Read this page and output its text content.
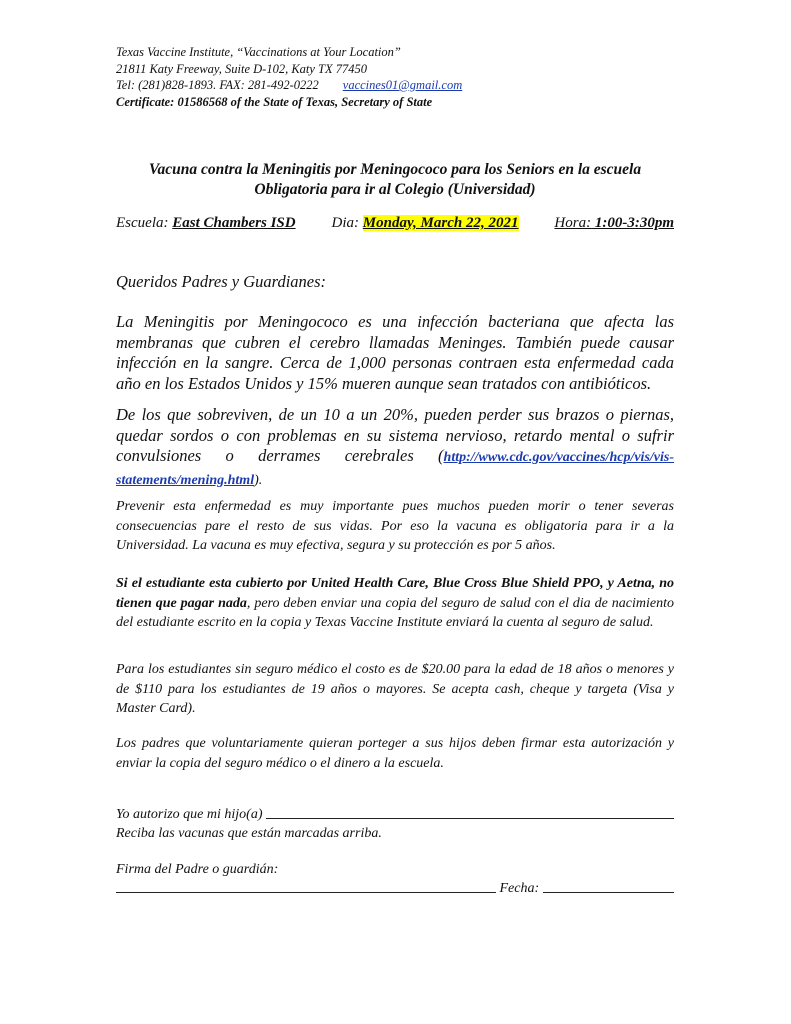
Texas Vaccine Institute, “Vaccinations at Your Location”
21811 Katy Freeway, Suite D-102, Katy TX 77450
Tel: (281)828-1893. FAX: 281-492-0222 vaccines01@gmail.com
Certificate: 01586568 of the State of Texas, Secretary of State
Vacuna contra la Meningitis por Meningococo para los Seniors en la escuela
Obligatoria para ir al Colegio (Universidad)
Escuela: East Chambers ISD Dia: Monday, March 22, 2021 Hora: 1:00-3:30pm
Queridos Padres y Guardianes:
La Meningitis por Meningococo es una infección bacteriana que afecta las membranas que cubren el cerebro llamadas Meninges. También puede causar infección en la sangre. Cerca de 1,000 personas contraen esta enfermedad cada año en los Estados Unidos y 15% mueren aunque sean tratados con antibióticos.
De los que sobreviven, de un 10 a un 20%, pueden perder sus brazos o piernas, quedar sordos o con problemas en su sistema nervioso, retardo mental o sufrir convulsiones o derrames cerebrales (http://www.cdc.gov/vaccines/hcp/vis/vis-statements/mening.html).
Prevenir esta enfermedad es muy importante pues muchos pueden morir o tener severas consecuencias pare el resto de sus vidas. Por eso la vacuna es obligatoria para ir a la Universidad. La vacuna es muy efectiva, segura y su protección es por 5 años.
Si el estudiante esta cubierto por United Health Care, Blue Cross Blue Shield PPO, y Aetna, no tienen que pagar nada, pero deben enviar una copia del seguro de salud con el dia de nacimiento del estudiante escrito en la copia y Texas Vaccine Institute enviará la cuenta al seguro de salud.
Para los estudiantes sin seguro médico el costo es de $20.00 para la edad de 18 años o menores y de $110 para los estudiantes de 19 años o mayores. Se acepta cash, cheque y targeta (Visa y Master Card).
Los padres que voluntariamente quieran porteger a sus hijos deben firmar esta autorización y enviar la copia del seguro médico o el dinero a la escuela.
Yo autorizo que mi hijo(a)
Reciba las vacunas que están marcadas arriba.
Firma del Padre o guardián:
Fecha:
